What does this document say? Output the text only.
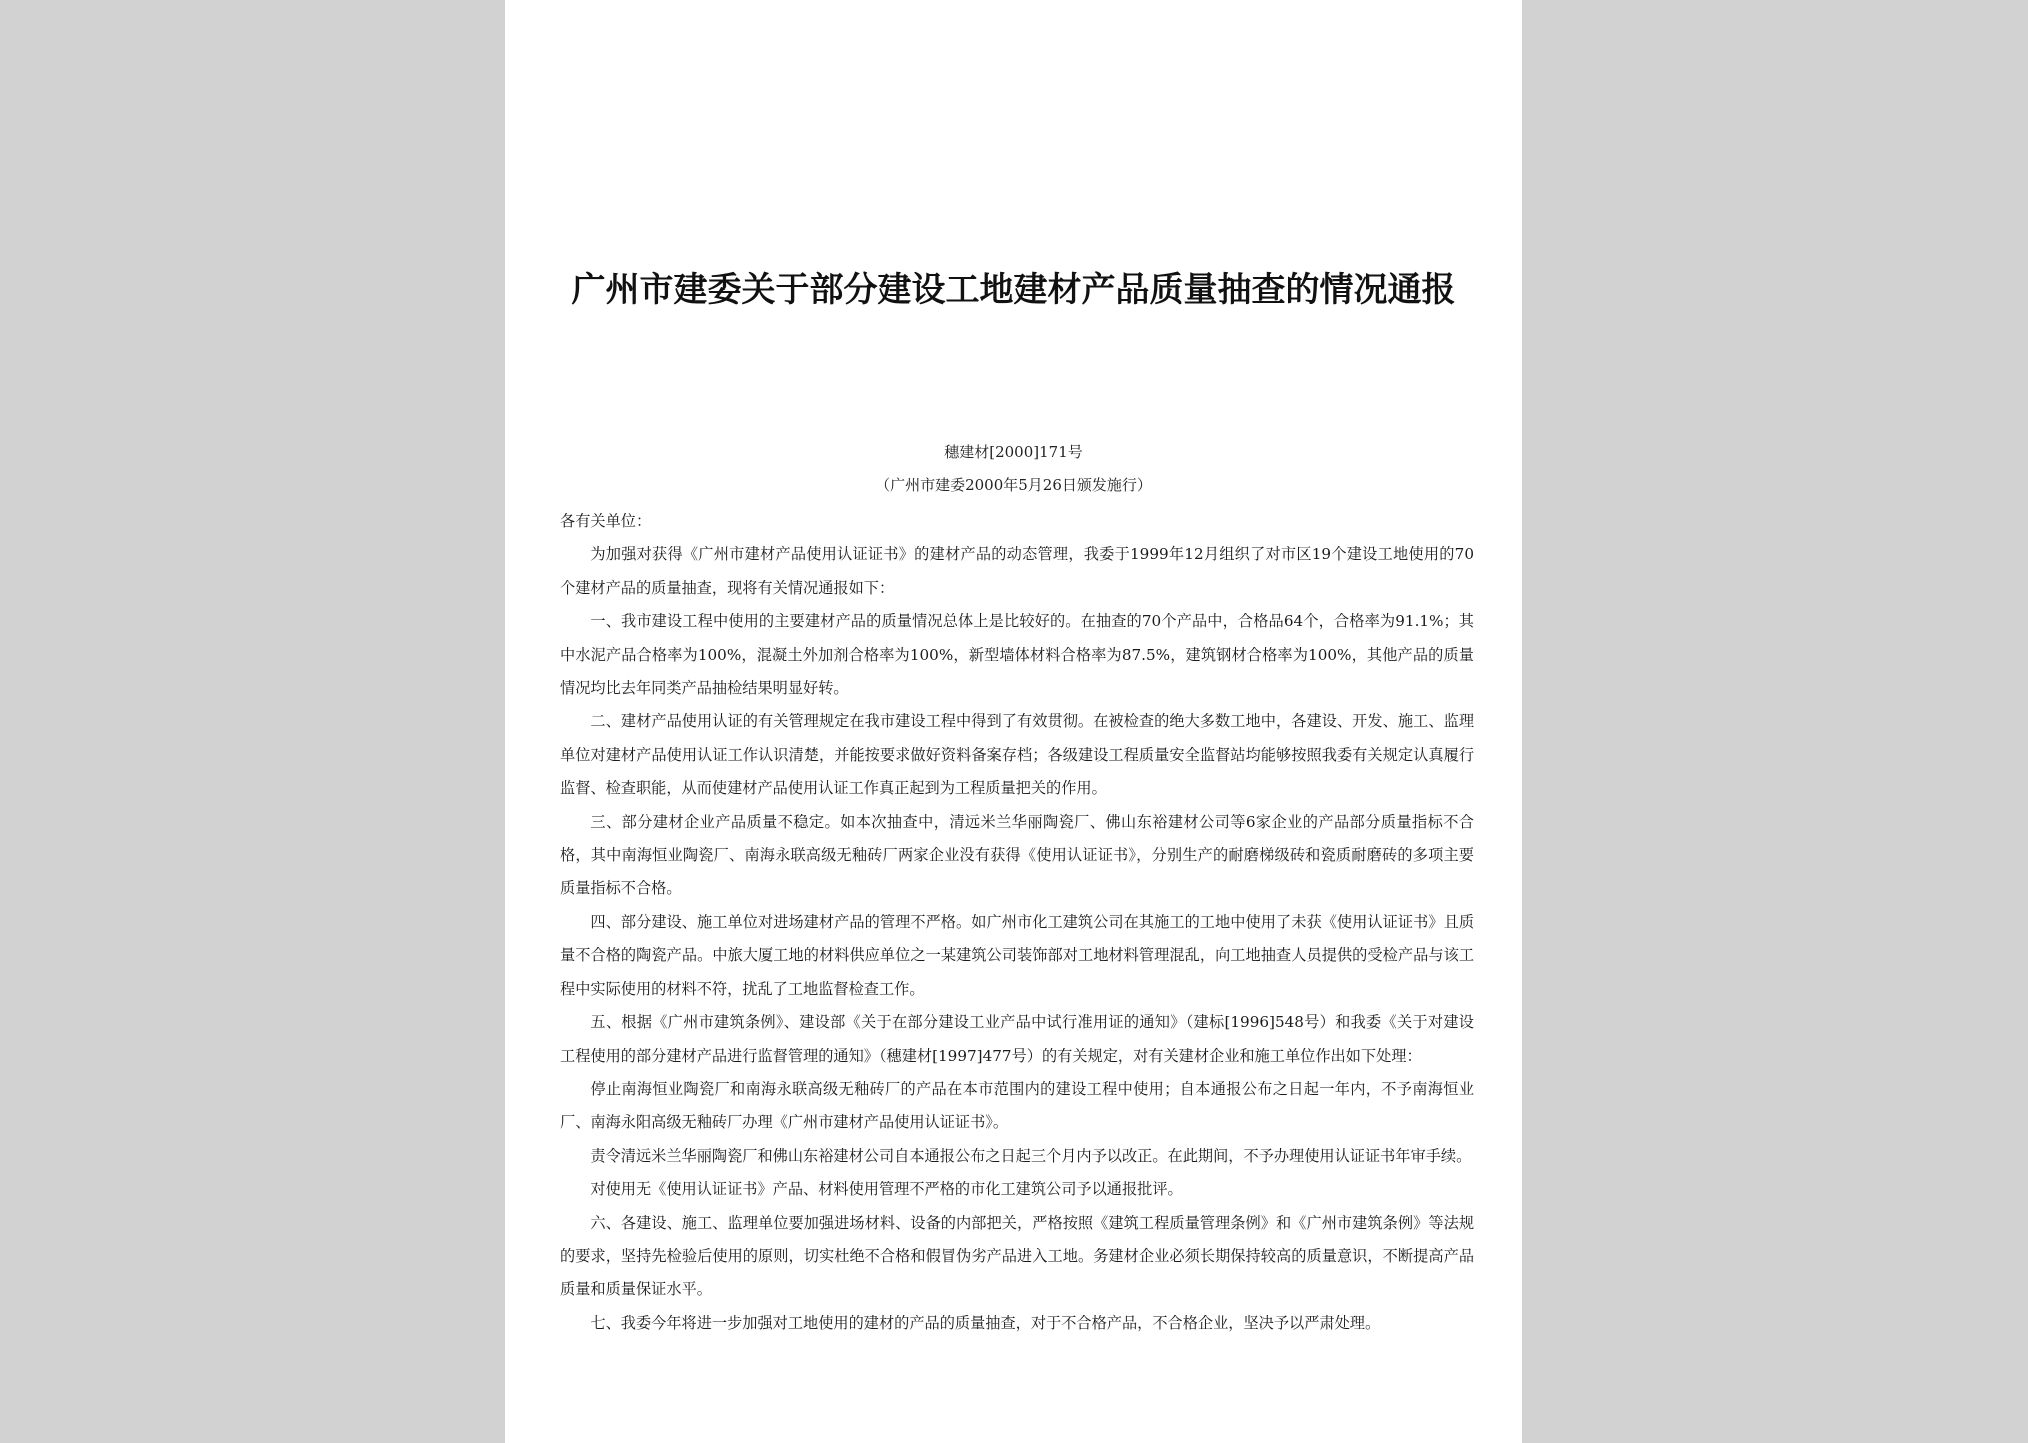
广州市建委关于部分建设工地建材产品质量抽查的情况通报
穗建材[2000]171号
（广州市建委2000年5月26日颁发施行）

各有关单位：

为加强对获得《广州市建材产品使用认证证书》的建材产品的动态管理，我委于1999年12月组织了对市区19个建设工地使用的70个建材产品的质量抽查，现将有关情况通报如下：

一、我市建设工程中使用的主要建材产品的质量情况总体上是比较好的。在抽查的70个产品中，合格品64个，合格率为91.1%；其中水泥产品合格率为100%，混凝土外加剂合格率为100%，新型墙体材料合格率为87.5%，建筑钢材合格率为100%，其他产品的质量情况均比去年同类产品抽检结果明显好转。

二、建材产品使用认证的有关管理规定在我市建设工程中得到了有效贯彻。在被检查的绝大多数工地中，各建设、开发、施工、监理单位对建材产品使用认证工作认识清楚，并能按要求做好资料备案存档；各级建设工程质量安全监督站均能够按照我委有关规定认真履行监督、检查职能，从而使建材产品使用认证工作真正起到为工程质量把关的作用。

三、部分建材企业产品质量不稳定。如本次抽查中，清远米兰华丽陶瓷厂、佛山东裕建材公司等6家企业的产品部分质量指标不合格，其中南海恒业陶瓷厂、南海永联高级无釉砖厂两家企业没有获得《使用认证证书》，分别生产的耐磨梯级砖和瓷质耐磨砖的多项主要质量指标不合格。

四、部分建设、施工单位对进场建材产品的管理不严格。如广州市化工建筑公司在其施工的工地中使用了未获《使用认证证书》且质量不合格的陶瓷产品。中旅大厦工地的材料供应单位之一某建筑公司装饰部对工地材料管理混乱，向工地抽查人员提供的受检产品与该工程中实际使用的材料不符，扰乱了工地监督检查工作。

五、根据《广州市建筑条例》、建设部《关于在部分建设工业产品中试行准用证的通知》（建标[1996]548号）和我委《关于对建设工程使用的部分建材产品进行监督管理的通知》（穗建材[1997]477号）的有关规定，对有关建材企业和施工单位作出如下处理：

停止南海恒业陶瓷厂和南海永联高级无釉砖厂的产品在本市范围内的建设工程中使用；自本通报公布之日起一年内，不予南海恒业厂、南海永阳高级无釉砖厂办理《广州市建材产品使用认证证书》。

责令清远米兰华丽陶瓷厂和佛山东裕建材公司自本通报公布之日起三个月内予以改正。在此期间，不予办理使用认证证书年审手续。

对使用无《使用认证证书》产品、材料使用管理不严格的市化工建筑公司予以通报批评。

六、各建设、施工、监理单位要加强进场材料、设备的内部把关，严格按照《建筑工程质量管理条例》和《广州市建筑条例》等法规的要求，坚持先检验后使用的原则，切实杜绝不合格和假冒伪劣产品进入工地。务建材企业必须长期保持较高的质量意识，不断提高产品质量和质量保证水平。

七、我委今年将进一步加强对工地使用的建材的产品的质量抽查，对于不合格产品，不合格企业，坚决予以严肃处理。
